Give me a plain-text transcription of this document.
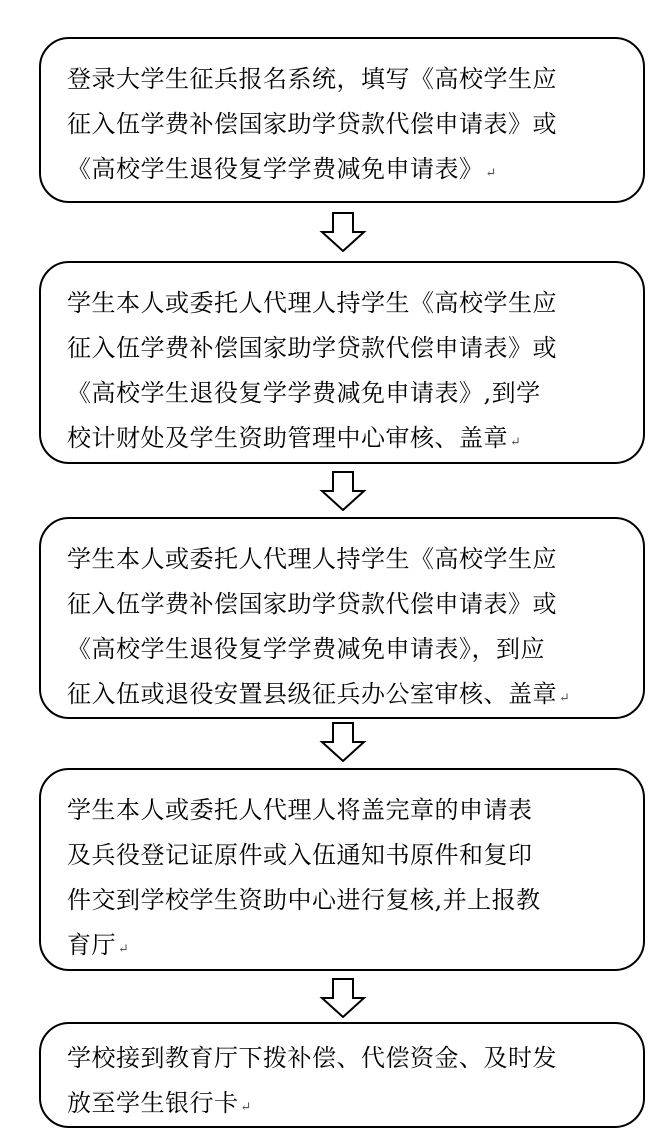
登录大学生征兵报名系统，填写《高校学生应
征入伍学费补偿国家助学贷款代偿申请表》或
《高校学生退役复学学费减免申请表》 ↵
学生本人或委托人代理人持学生《高校学生应
征入伍学费补偿国家助学贷款代偿申请表》或
《高校学生退役复学学费减免申请表》,到学
校计财处及学生资助管理中心审核、盖章 ↵
学生本人或委托人代理人持学生《高校学生应
征入伍学费补偿国家助学贷款代偿申请表》或
《高校学生退役复学学费减免申请表》，到应
征入伍或退役安置县级征兵办公室审核、盖章 ↵
学生本人或委托人代理人将盖完章的申请表
及兵役登记证原件或入伍通知书原件和复印
件交到学校学生资助中心进行复核,并上报教
育厅 ↵
学校接到教育厅下拨补偿、代偿资金、及时发
放至学生银行卡 ↵
